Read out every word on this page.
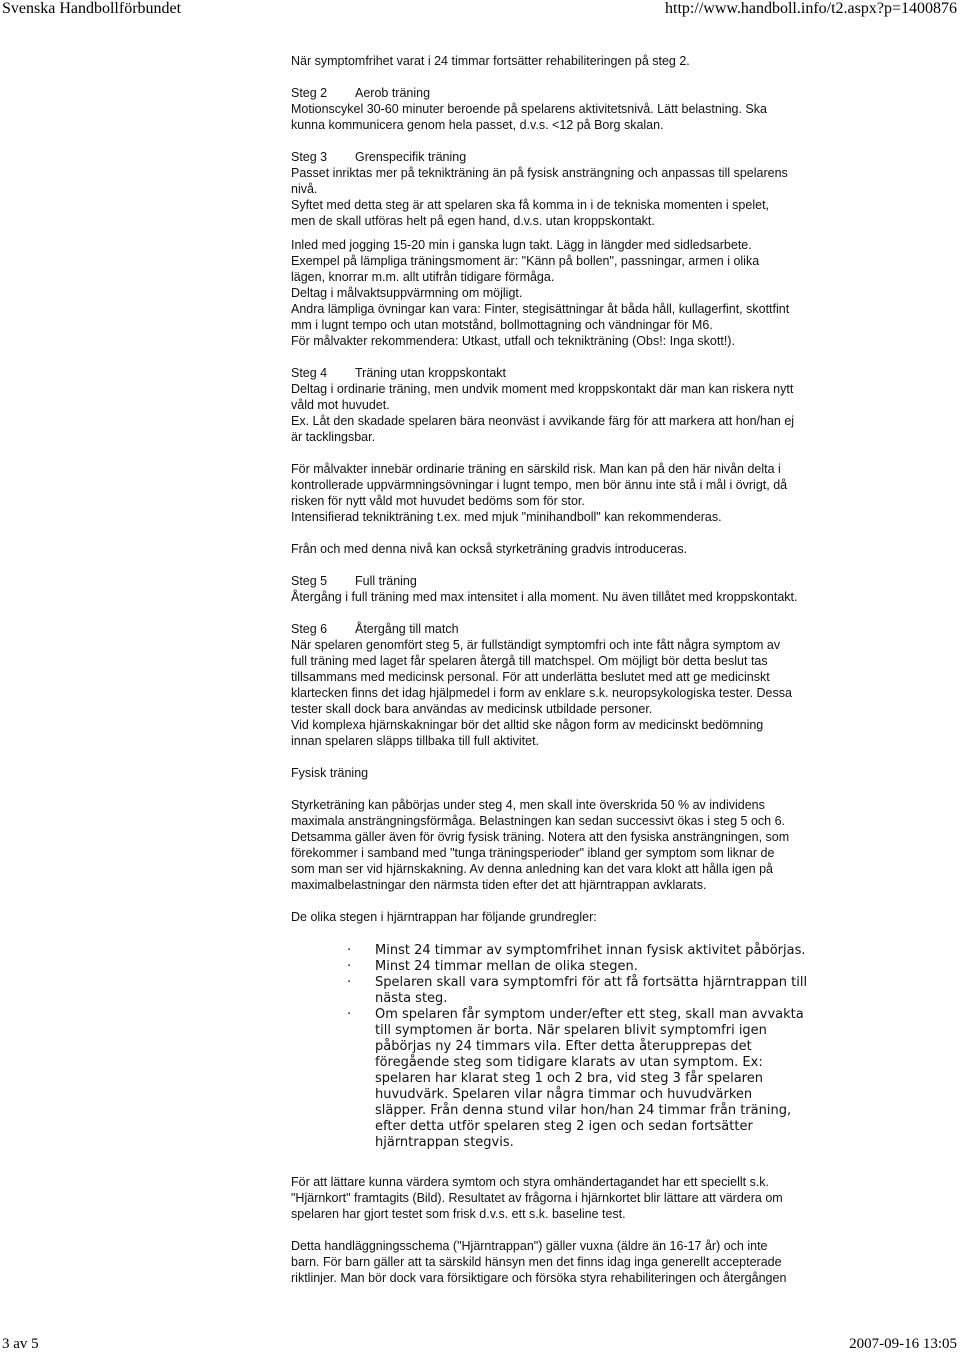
Svenska Handbollförbundet	http://www.handboll.info/t2.aspx?p=1400876

När symptomfrihet varat i 24 timmar fortsätter rehabiliteringen på steg 2.

Steg 2	Aerob träning

Motionscykel 30-60 minuter beroende på spelarens aktivitetsnivå. Lätt belastning. Ska

kunna kommunicera genom hela passet, d.v.s. <12 på Borg skalan.

Steg 3	Grenspecifik träning

Passet inriktas mer på teknikträning än på fysisk ansträngning och anpassas till spelarens

nivå.

Syftet med detta steg är att spelaren ska få komma in i de tekniska momenten i spelet,

men de skall utföras helt på egen hand, d.v.s. utan kroppskontakt.

Inled med jogging 15-20 min i ganska lugn takt. Lägg in längder med sidledsarbete.

Exempel på lämpliga träningsmoment är: "Känn på bollen", passningar, armen i olika

lägen, knorrar m.m. allt utifrån tidigare förmåga.

Deltag i målvaktsuppvärmning om möjligt.

Andra lämpliga övningar kan vara: Finter, stegisättningar åt båda håll, kullagerfint, skottfint

mm i lugnt tempo och utan motstånd, bollmottagning och vändningar för M6.

För målvakter rekommendera: Utkast, utfall och teknikträning (Obs!: Inga skott!).

Steg 4	Träning utan kroppskontakt

Deltag i ordinarie träning, men undvik moment med kroppskontakt där man kan riskera nytt

våld mot huvudet.

Ex. Låt den skadade spelaren bära neonväst i avvikande färg för att markera att hon/han ej

är tacklingsbar.

För målvakter innebär ordinarie träning en särskild risk. Man kan på den här nivån delta i

kontrollerade uppvärmningsövningar i lugnt tempo, men bör ännu inte stå i mål i övrigt, då

risken för nytt våld mot huvudet bedöms som för stor.

Intensifierad teknikträning t.ex. med mjuk "minihandboll" kan rekommenderas.

Från och med denna nivå kan också styrketräning gradvis introduceras.

Steg 5	Full träning

Återgång i full träning med max intensitet i alla moment. Nu även tillåtet med kroppskontakt.

Steg 6	Återgång till match

När spelaren genomfört steg 5, är fullständigt symptomfri och inte fått några symptom av

full träning med laget får spelaren återgå till matchspel. Om möjligt bör detta beslut tas

tillsammans med medicinsk personal. För att underlätta beslutet med att ge medicinskt

klartecken finns det idag hjälpmedel i form av enklare s.k. neuropsykologiska tester. Dessa

tester skall dock bara användas av medicinsk utbildade personer.

Vid komplexa hjärnskakningar bör det alltid ske någon form av medicinskt bedömning

innan spelaren släpps tillbaka till full aktivitet.

Fysisk träning

Styrketräning kan påbörjas under steg 4, men skall inte överskrida 50 % av individens

maximala ansträngningsförmåga. Belastningen kan sedan successivt ökas i steg 5 och 6.

Detsamma gäller även för övrig fysisk träning. Notera att den fysiska ansträngningen, som

förekommer i samband med "tunga träningsperioder" ibland ger symptom som liknar de

som man ser vid hjärnskakning. Av denna anledning kan det vara klokt att hålla igen på

maximalbelastningar den närmsta tiden efter det att hjärntrappan avklarats.

De olika stegen i hjärntrappan har följande grundregler:

· Minst 24 timmar av symptomfrihet innan fysisk aktivitet påbörjas.

· Minst 24 timmar mellan de olika stegen.

· Spelaren skall vara symptomfri för att få fortsätta hjärntrappan till

nästa steg.

· Om spelaren får symptom under/efter ett steg, skall man avvakta

till symptomen är borta. När spelaren blivit symptomfri igen

påbörjas ny 24 timmars vila. Efter detta återupprepas det

föregående steg som tidigare klarats av utan symptom. Ex:

spelaren har klarat steg 1 och 2 bra, vid steg 3 får spelaren

huvudvärk. Spelaren vilar några timmar och huvudvärken

släpper. Från denna stund vilar hon/han 24 timmar från träning,

efter detta utför spelaren steg 2 igen och sedan fortsätter

hjärntrappan stegvis.

För att lättare kunna värdera symtom och styra omhändertagandet har ett speciellt s.k.

"Hjärnkort" framtagits (Bild). Resultatet av frågorna i hjärnkortet blir lättare att värdera om

spelaren har gjort testet som frisk d.v.s. ett s.k. baseline test.

Detta handläggningsschema ("Hjärntrappan") gäller vuxna (äldre än 16-17 år) och inte

barn. För barn gäller att ta särskild hänsyn men det finns idag inga generellt accepterade

riktlinjer. Man bör dock vara försiktigare och försöka styra rehabiliteringen och återgången

3 av 5	2007-09-16 13:05
